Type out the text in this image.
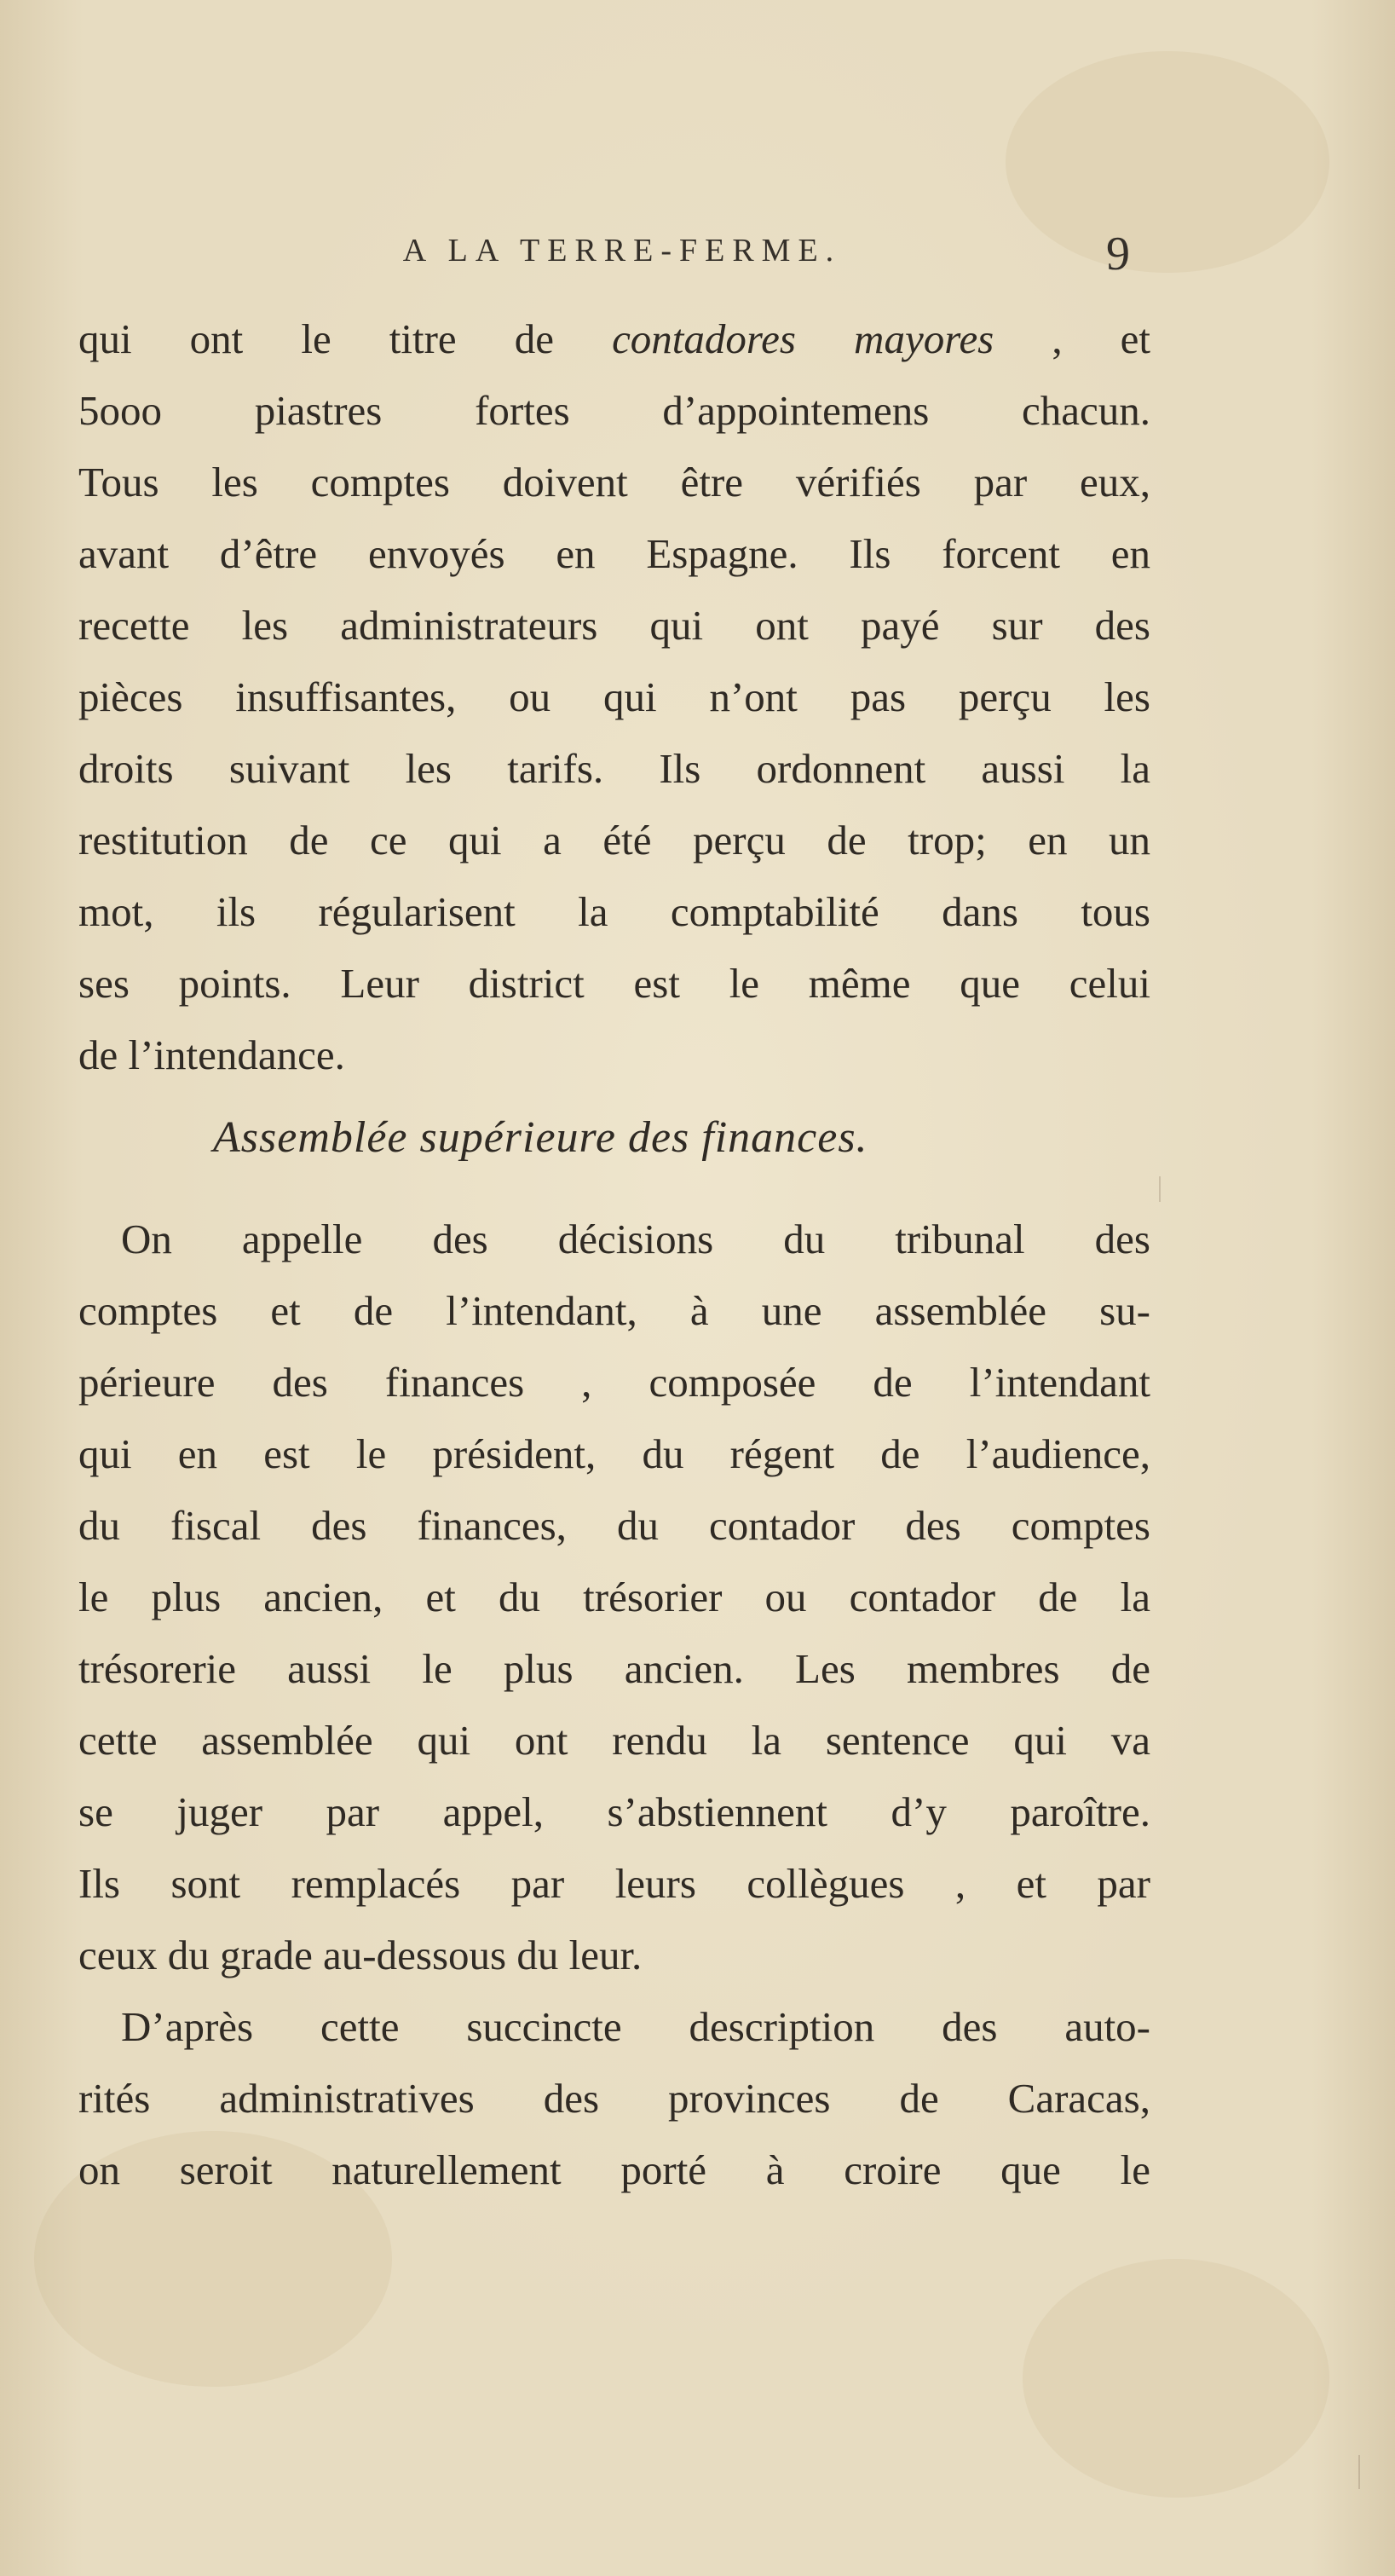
A LA TERRE-FERME.	9
qui ont le titre de contadores mayores , et
5ooo piastres fortes d’appointemens chacun.
Tous les comptes doivent être vérifiés par eux,
avant d’être envoyés en Espagne. Ils forcent en
recette les administrateurs qui ont payé sur des
pièces insuffisantes, ou qui n’ont pas perçu les
droits suivant les tarifs. Ils ordonnent aussi la
restitution de ce qui a été perçu de trop; en un
mot, ils régularisent la comptabilité dans tous
ses points. Leur district est le même que celui
de l’intendance.
Assemblée supérieure des finances.
On appelle des décisions du tribunal des
comptes et de l’intendant, à une assemblée su-
périeure des finances , composée de l’intendant
qui en est le président, du régent de l’audience,
du fiscal des finances, du contador des comptes
le plus ancien, et du trésorier ou contador de la
trésorerie aussi le plus ancien. Les membres de
cette assemblée qui ont rendu la sentence qui va
se juger par appel, s’abstiennent d’y paroître.
Ils sont remplacés par leurs collègues , et par
ceux du grade au-dessous du leur.
D’après cette succincte description des auto-
rités administratives des provinces de Caracas,
on seroit naturellement porté à croire que le
